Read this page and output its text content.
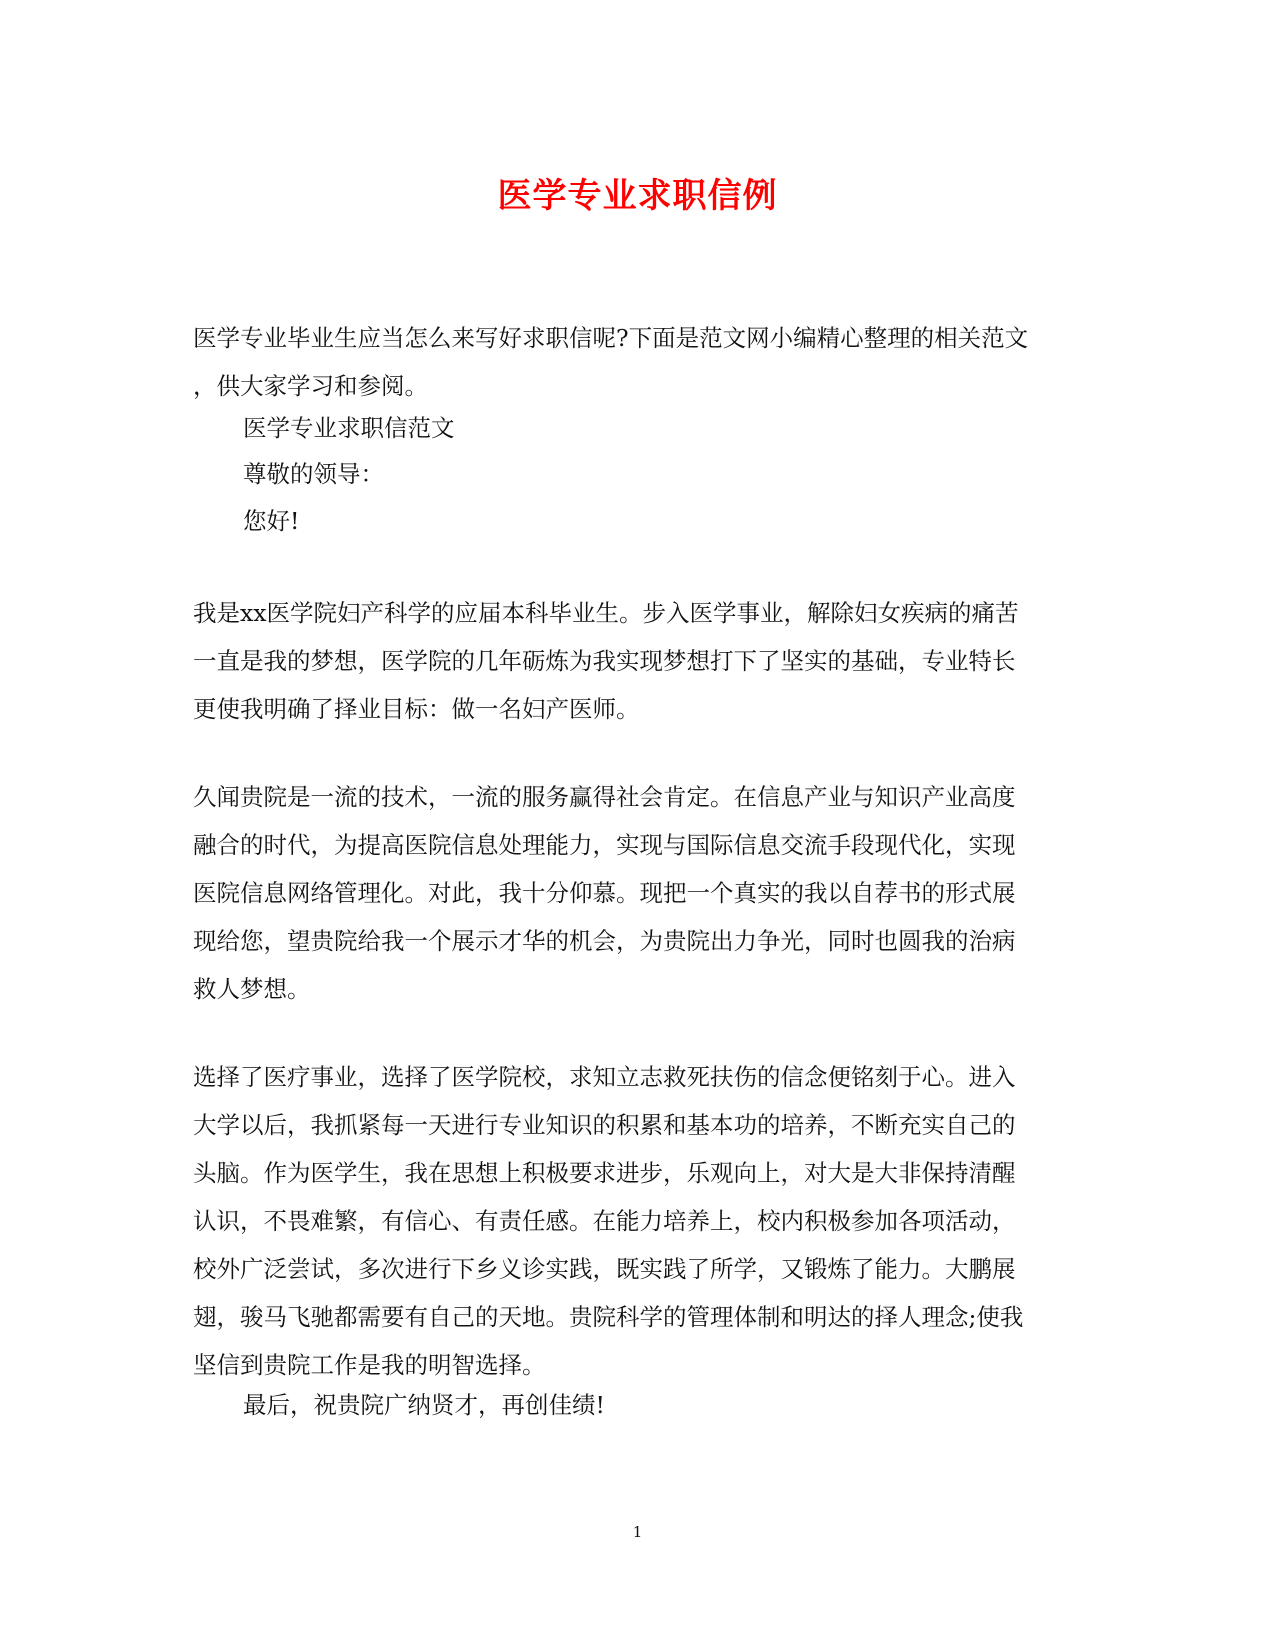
医学专业求职信例

医学专业毕业生应当怎么来写好求职信呢?下面是范文网小编精心整理的相关范文
，供大家学习和参阅。

医学专业求职信范文

尊敬的领导：

您好!

我是xx医学院妇产科学的应届本科毕业生。步入医学事业，解除妇女疾病的痛苦
一直是我的梦想，医学院的几年砺炼为我实现梦想打下了坚实的基础，专业特长
更使我明确了择业目标：做一名妇产医师。

久闻贵院是一流的技术，一流的服务赢得社会肯定。在信息产业与知识产业高度
融合的时代，为提高医院信息处理能力，实现与国际信息交流手段现代化，实现
医院信息网络管理化。对此，我十分仰慕。现把一个真实的我以自荐书的形式展
现给您，望贵院给我一个展示才华的机会，为贵院出力争光，同时也圆我的治病
救人梦想。

选择了医疗事业，选择了医学院校，求知立志救死扶伤的信念便铭刻于心。进入
大学以后，我抓紧每一天进行专业知识的积累和基本功的培养，不断充实自己的
头脑。作为医学生，我在思想上积极要求进步，乐观向上，对大是大非保持清醒
认识，不畏难繁，有信心、有责任感。在能力培养上，校内积极参加各项活动，
校外广泛尝试，多次进行下乡义诊实践，既实践了所学，又锻炼了能力。大鹏展
翅，骏马飞驰都需要有自己的天地。贵院科学的管理体制和明达的择人理念;使我
坚信到贵院工作是我的明智选择。

最后，祝贵院广纳贤才，再创佳绩!

1
